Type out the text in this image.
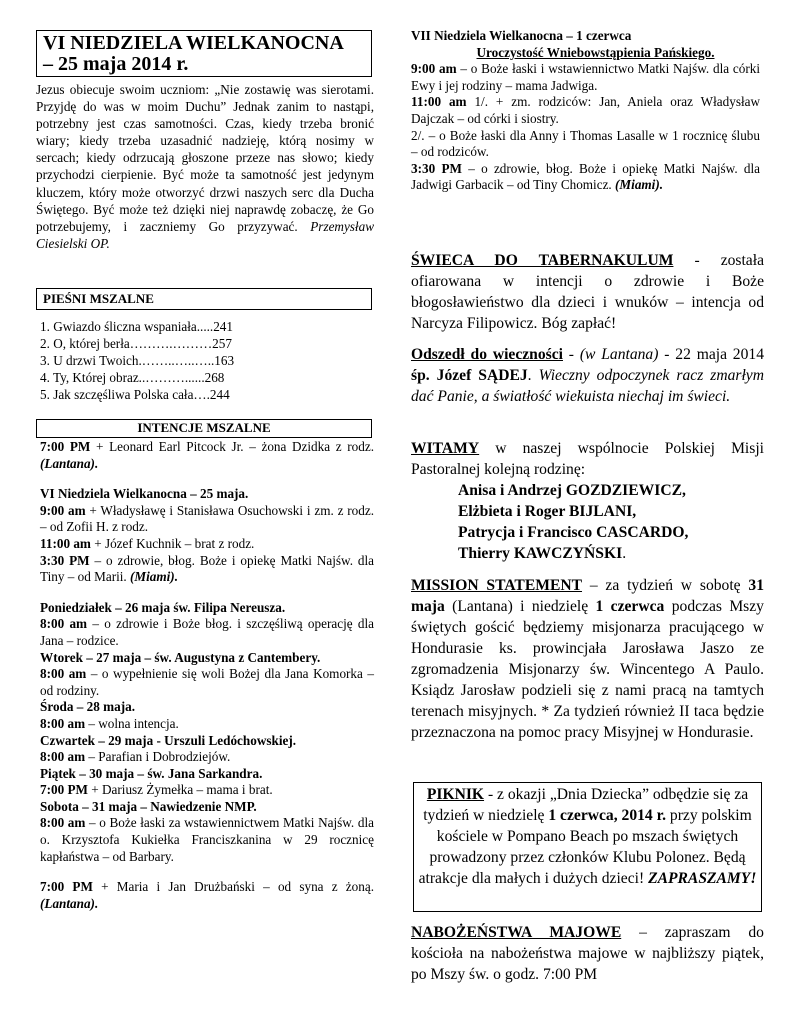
VI NIEDZIELA WIELKANOCNA
– 25 maja 2014 r.

Jezus obiecuje swoim uczniom: „Nie zostawię was sierotami. Przyjdę do was w moim Duchu” Jednak zanim to nastąpi, potrzebny jest czas samotności. Czas, kiedy trzeba bronić wiary; kiedy trzeba uzasadnić nadzieję, którą nosimy w sercach; kiedy odrzucają głoszone przeze nas słowo; kiedy przychodzi cierpienie. Być może ta samotność jest jedynym kluczem, który może otworzyć drzwi naszych serc dla Ducha Świętego. Być może też dzięki niej naprawdę zobaczę, że Go potrzebujemy, i zaczniemy Go przyzywać. Przemysław Ciesielski OP.

PIEŚNI MSZALNE
1. Gwiazdo śliczna wspaniała.....241
2. O, której berła……….………257
3. U drzwi Twoich.……..…..…..163
4. Ty, Której obraz..………......268
5. Jak szczęśliwa Polska cała….244
INTENCJE MSZALNE
7:00 PM + Leonard Earl Pitcock Jr. – żona Dzidka z rodz. (Lantana).
VI Niedziela Wielkanocna – 25 maja.
9:00 am + Władysławę i Stanisława Osuchowski i zm. z rodz. – od Zofii H. z rodz.
11:00 am + Józef Kuchnik – brat z rodz.
3:30 PM – o zdrowie, błog. Boże i opiekę Matki Najśw. dla Tiny – od Marii. (Miami).
Poniedziałek – 26 maja św. Filipa Nereusza.
8:00 am – o zdrowie i Boże błog. i szczęśliwą operację dla Jana – rodzice.
Wtorek – 27 maja – św. Augustyna z Cantembery.
8:00 am – o wypełnienie się woli Bożej dla Jana Komorka – od rodziny.
Środa – 28 maja.
8:00 am – wolna intencja.
Czwartek – 29 maja - Urszuli Ledóchowskiej.
8:00 am – Parafian i Dobrodziejów.
Piątek – 30 maja – św. Jana Sarkandra.
7:00 PM + Dariusz Żymełka – mama i brat.
Sobota – 31 maja – Nawiedzenie NMP.
8:00 am – o Boże łaski za wstawiennictwem Matki Najśw. dla o. Krzysztofa Kukiełka Franciszkanina w 29 rocznicę kapłaństwa – od Barbary.
7:00 PM + Maria i Jan Drużbański – od syna z żoną. (Lantana).
VII Niedziela Wielkanocna – 1 czerwca
Uroczystość Wniebowstąpienia Pańskiego.
9:00 am – o Boże łaski i wstawiennictwo Matki Najśw. dla córki Ewy i jej rodziny – mama Jadwiga.
11:00 am 1/. + zm. rodziców: Jan, Aniela oraz Władysław Dajczak – od córki i siostry.
2/. – o Boże łaski dla Anny i Thomas Lasalle w 1 rocznicę ślubu – od rodziców.
3:30 PM – o zdrowie, błog. Boże i opiekę Matki Najśw. dla Jadwigi Garbacik – od Tiny Chomicz. (Miami).

ŚWIECA DO TABERNAKULUM - została ofiarowana w intencji o zdrowie i Boże błogosławieństwo dla dzieci i wnuków – intencja od Narcyza Filipowicz. Bóg zapłać!

Odszedł do wieczności - (w Lantana) - 22 maja 2014 śp. Józef SĄDEJ. Wieczny odpoczynek racz zmarłym dać Panie, a światłość wiekuista niechaj im świeci.

WITAMY w naszej wspólnocie Polskiej Misji Pastoralnej kolejną rodzinę:

Anisa i Andrzej GOZDZIEWICZ,
Elżbieta i Roger BIJLANI,
Patrycja i Francisco CASCARDO,
Thierry KAWCZYŃSKI.

MISSION STATEMENT – za tydzień w sobotę 31 maja (Lantana) i niedzielę 1 czerwca podczas Mszy świętych gościć będziemy misjonarza pracującego w Hondurasie ks. prowincjała Jarosława Jaszo ze zgromadzenia Misjonarzy św. Wincentego A Paulo. Ksiądz Jarosław podzieli się z nami pracą na tamtych terenach misyjnych. * Za tydzień również II taca będzie przeznaczona na pomoc pracy Misyjnej w Hondurasie.

PIKNIK - z okazji „Dnia Dziecka” odbędzie się za tydzień w niedzielę 1 czerwca, 2014 r. przy polskim kościele w Pompano Beach po mszach świętych prowadzony przez członków Klubu Polonez. Będą atrakcje dla małych i dużych dzieci! ZAPRASZAMY!

NABOŻEŃSTWA MAJOWE – zapraszam do kościoła na nabożeństwa majowe w najbliższy piątek, po Mszy św. o godz. 7:00 PM
